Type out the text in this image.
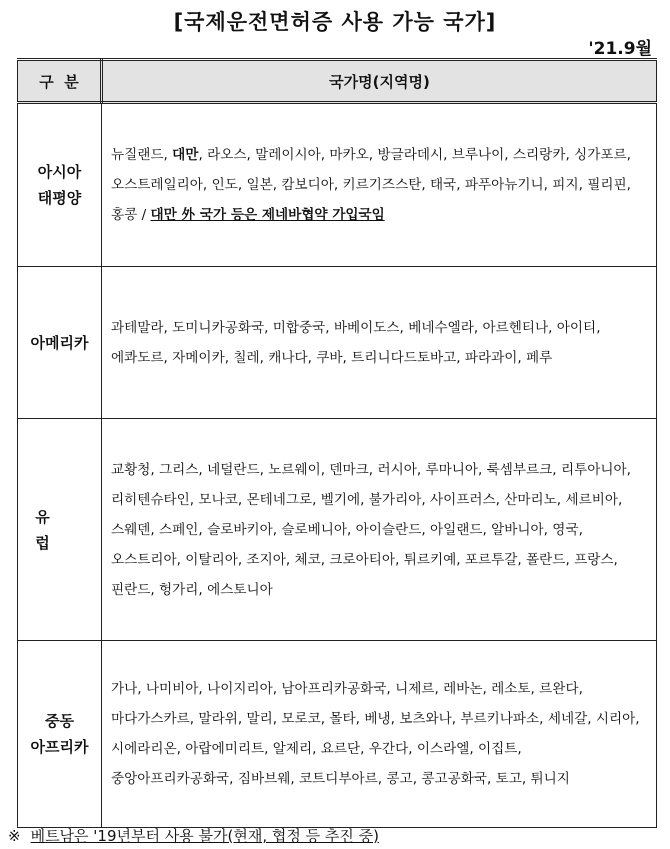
[국제운전면허증 사용 가능 국가]
'21.9월
구  분	국가명(지역명)

아시아
태평양	뉴질랜드, 대만, 라오스, 말레이시아, 마카오, 방글라데시, 브루나이, 스리랑카, 싱가포르, 오스트레일리아, 인도, 일본, 캄보디아, 키르기즈스탄, 태국, 파푸아뉴기니, 피지, 필리핀, 홍콩 / 대만 外 국가 등은 제네바협약 가입국임
아메리카	과테말라, 도미니카공화국, 미합중국, 바베이도스, 베네수엘라, 아르헨티나, 아이티, 에콰도르, 자메이카, 칠레, 캐나다, 쿠바, 트리니다드토바고, 파라과이, 페루
유럽	교황청, 그리스, 네덜란드, 노르웨이, 덴마크, 러시아, 루마니아, 룩셈부르크, 리투아니아, 리히텐슈타인, 모나코, 몬테네그로, 벨기에, 불가리아, 사이프러스, 산마리노, 세르비아, 스웨덴, 스페인, 슬로바키아, 슬로베니아, 아이슬란드, 아일랜드, 알바니아, 영국, 오스트리아, 이탈리아, 조지아, 체코, 크로아티아, 튀르키예, 포르투갈, 폴란드, 프랑스, 핀란드, 헝가리, 에스토니아

중동
아프리카	가나, 나미비아, 나이지리아, 남아프리카공화국, 니제르, 레바논, 레소토, 르완다, 마다가스카르, 말라위, 말리, 모로코, 몰타, 베냉, 보츠와나, 부르키나파소, 세네갈, 시리아, 시에라리온, 아랍에미리트, 알제리, 요르단, 우간다, 이스라엘, 이집트, 중앙아프리카공화국, 짐바브웨, 코트디부아르, 콩고, 콩고공화국, 토고, 튀니지
※ 베트남은 '19년부터 사용 불가(현재, 협정 등 추진 중)
